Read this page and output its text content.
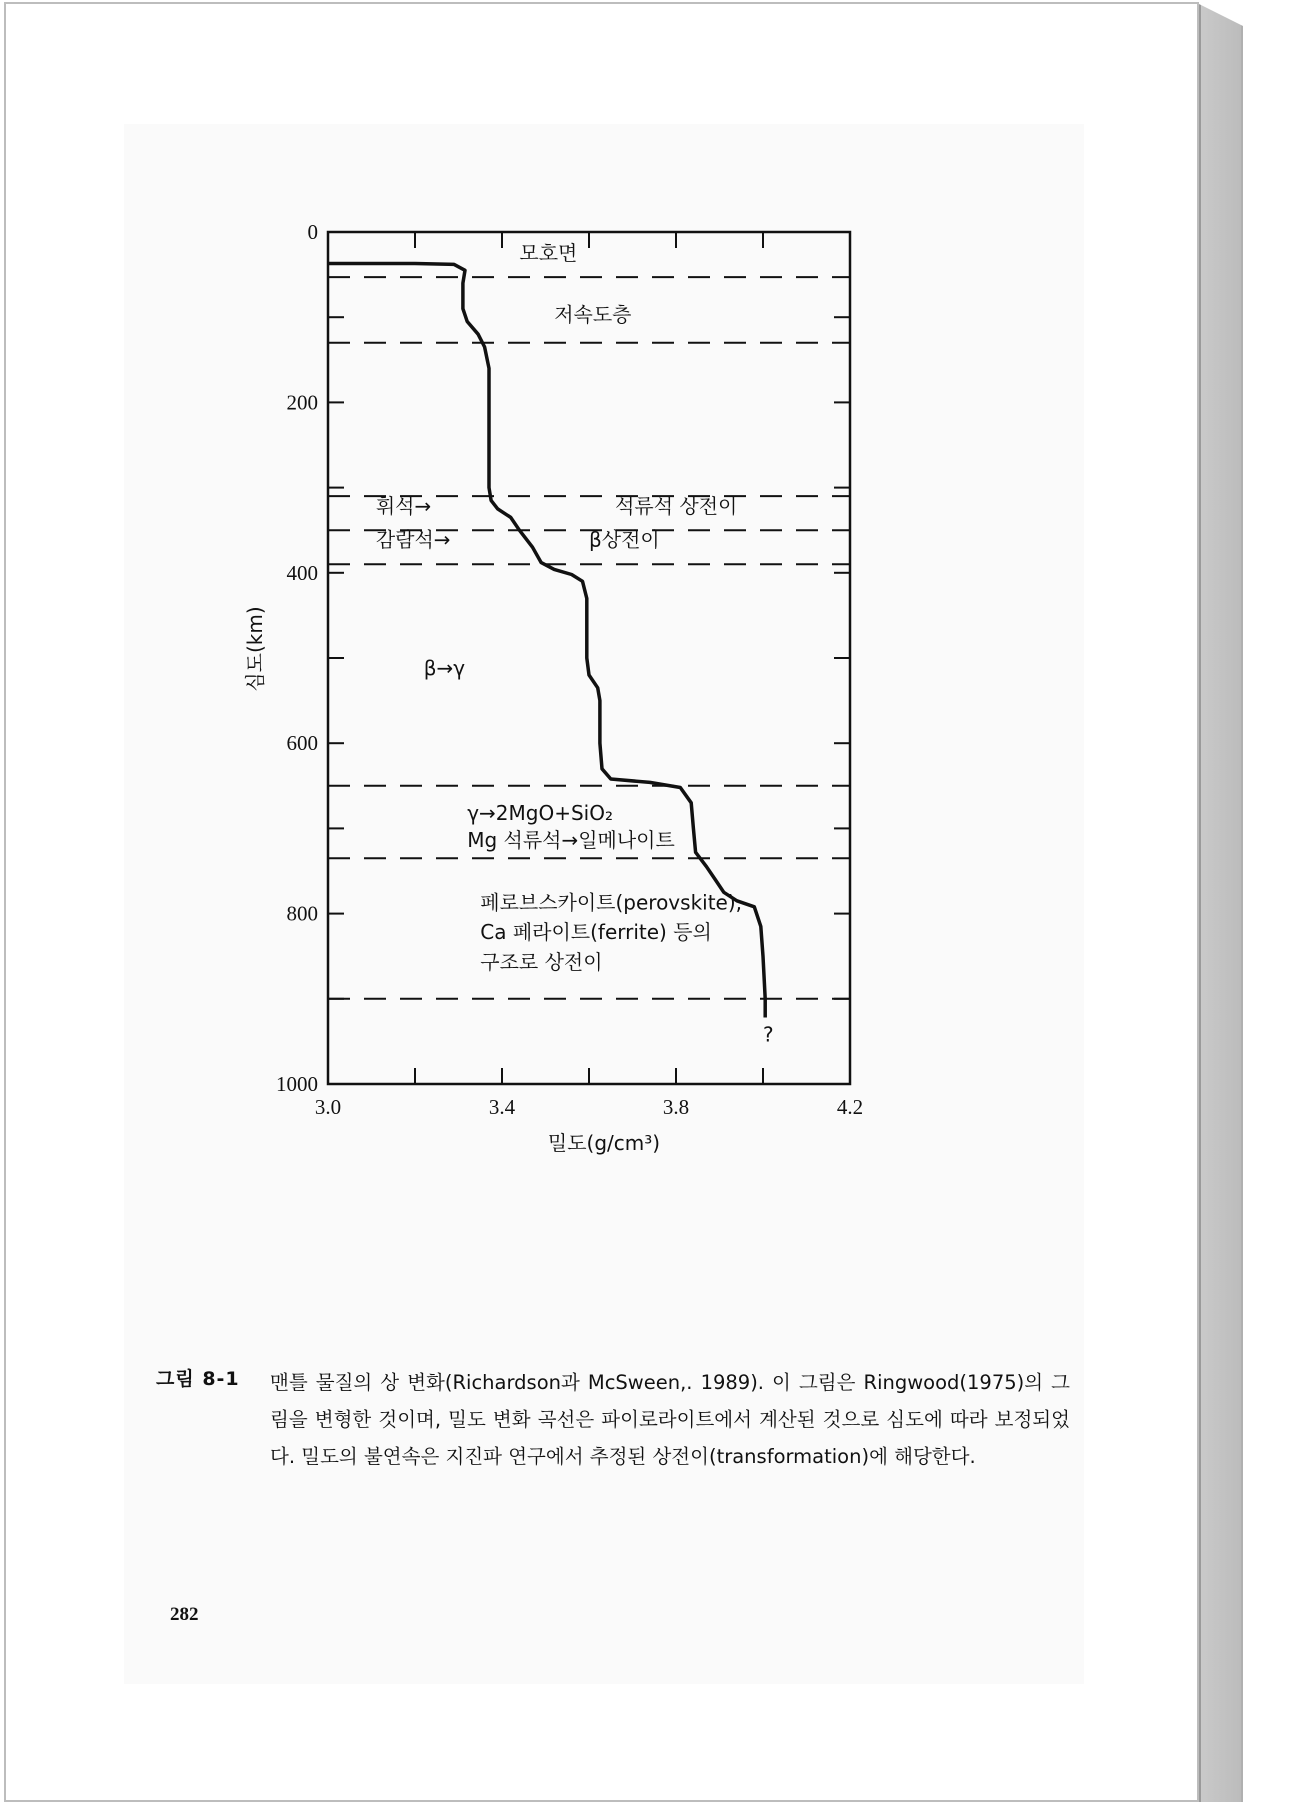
0
200
400
600
800
1000
3.0	3.4	3.8	4.2
모호면
저속도층
휘석→	석류석 상전이
감람석→	β상전이
β→γ
γ→2MgO+SiO₂
Mg 석류석→일메나이트
페로브스카이트(perovskite),
Ca 페라이트(ferrite) 등의
구조로 상전이
?
밀도(g/cm³)
심도(km)
그림 8-1 맨틀 물질의 상 변화(Richardson과 McSween,. 1989). 이 그림은 Ringwood(1975)의 그림을 변형한 것이며, 밀도 변화 곡선은 파이로라이트에서 계산된 것으로 심도에 따라 보정되었다. 밀도의 불연속은 지진파 연구에서 추정된 상전이(transformation)에 해당한다.

282
